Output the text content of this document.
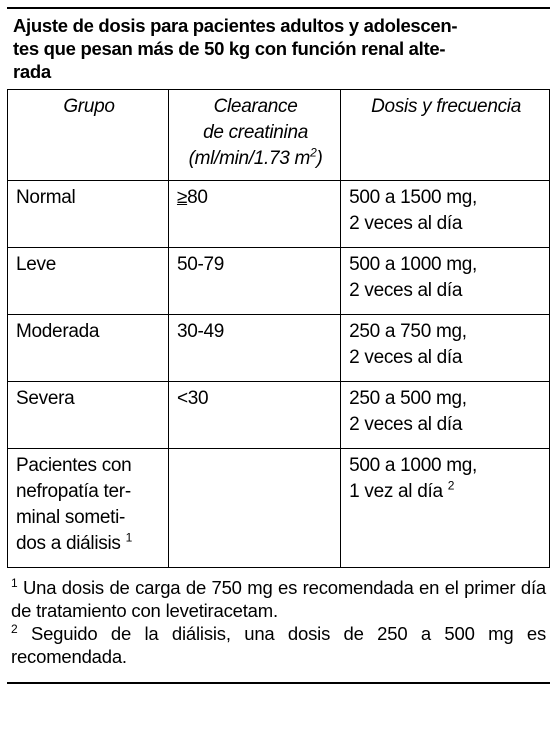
Ajuste de dosis para pacientes adultos y adolescen-
tes que pesan más de 50 kg con función renal alte-
rada
Grupo	Clearance
de creatinina
(ml/min/1.73 $m^2$)	Dosis y frecuencia
Normal	≥80	500 a 1500 mg,
2 veces al día

Leve	50-79	500 a 1000 mg,
2 veces al día

Moderada	30-49	250 a 750 mg,
2 veces al día

Severa	<30	250 a 500 mg,
2 veces al día

Pacientes con
nefropatía ter-
minal someti-
dos a diálisis $^1$		500 a 1000 mg,
1 vez al día $^2$
$^1$ Una dosis de carga de 750 mg es recomendada en el primer día de tratamiento con levetiracetam.
$^2$ Seguido de la diálisis, una dosis de 250 a 500 mg es recomendada.
